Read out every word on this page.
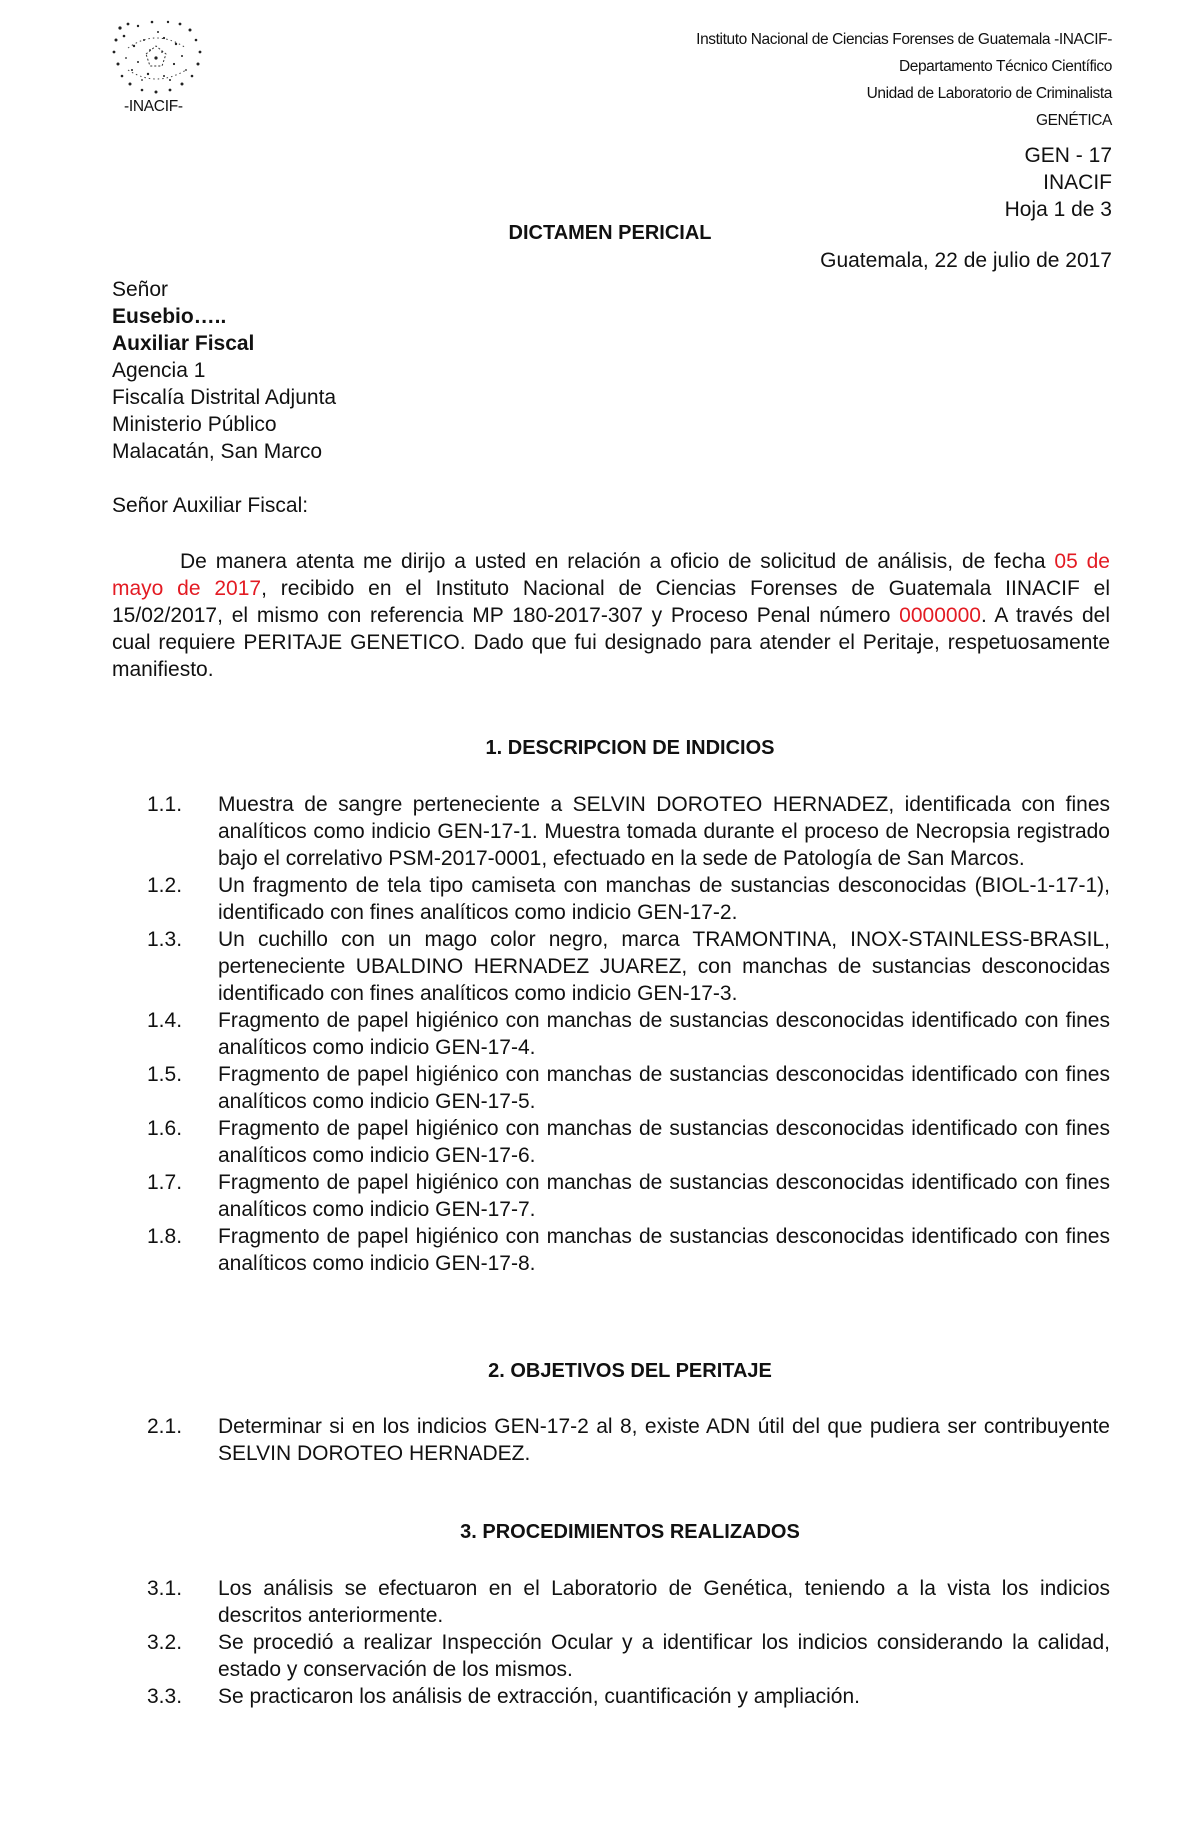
-INACIF-
Instituto Nacional de Ciencias Forenses de Guatemala -INACIF-
Departamento Técnico Científico
Unidad de Laboratorio de Criminalista
GENÉTICA
GEN - 17
INACIF
Hoja 1 de 3
DICTAMEN PERICIAL
Guatemala, 22 de julio de 2017
Señor
Eusebio…..
Auxiliar Fiscal
Agencia 1
Fiscalía Distrital Adjunta
Ministerio Público
Malacatán, San Marco
Señor Auxiliar Fiscal:
De manera atenta me dirijo a usted en relación a oficio de solicitud de análisis, de fecha 05 de mayo de 2017, recibido en el Instituto Nacional de Ciencias Forenses de Guatemala IINACIF el 15/02/2017, el mismo con referencia MP 180-2017-307 y Proceso Penal número 0000000. A través del cual requiere PERITAJE GENETICO. Dado que fui designado para atender el Peritaje, respetuosamente manifiesto.
1. DESCRIPCION DE INDICIOS
1.1.	Muestra de sangre perteneciente a SELVIN DOROTEO HERNADEZ, identificada con fines analíticos como indicio GEN-17-1. Muestra tomada durante el proceso de Necropsia registrado bajo el correlativo PSM-2017-0001, efectuado en la sede de Patología de San Marcos.
1.2.	Un fragmento de tela tipo camiseta con manchas de sustancias desconocidas (BIOL-1-17-1), identificado con fines analíticos como indicio GEN-17-2.
1.3.	Un cuchillo con un mago color negro, marca TRAMONTINA, INOX-STAINLESS-BRASIL, perteneciente UBALDINO HERNADEZ JUAREZ, con manchas de sustancias desconocidas identificado con fines analíticos como indicio GEN-17-3.
1.4.	Fragmento de papel higiénico con manchas de sustancias desconocidas identificado con fines analíticos como indicio GEN-17-4.
1.5.	Fragmento de papel higiénico con manchas de sustancias desconocidas identificado con fines analíticos como indicio GEN-17-5.
1.6.	Fragmento de papel higiénico con manchas de sustancias desconocidas identificado con fines analíticos como indicio GEN-17-6.
1.7.	Fragmento de papel higiénico con manchas de sustancias desconocidas identificado con fines analíticos como indicio GEN-17-7.
1.8.	Fragmento de papel higiénico con manchas de sustancias desconocidas identificado con fines analíticos como indicio GEN-17-8.
2. OBJETIVOS DEL PERITAJE
2.1.	Determinar si en los indicios GEN-17-2 al 8, existe ADN útil del que pudiera ser contribuyente SELVIN DOROTEO HERNADEZ.
3. PROCEDIMIENTOS REALIZADOS
3.1.	Los análisis se efectuaron en el Laboratorio de Genética, teniendo a la vista los indicios descritos anteriormente.
3.2.	Se procedió a realizar Inspección Ocular y a identificar los indicios considerando la calidad, estado y conservación de los mismos.
3.3.	Se practicaron los análisis de extracción, cuantificación y ampliación.
